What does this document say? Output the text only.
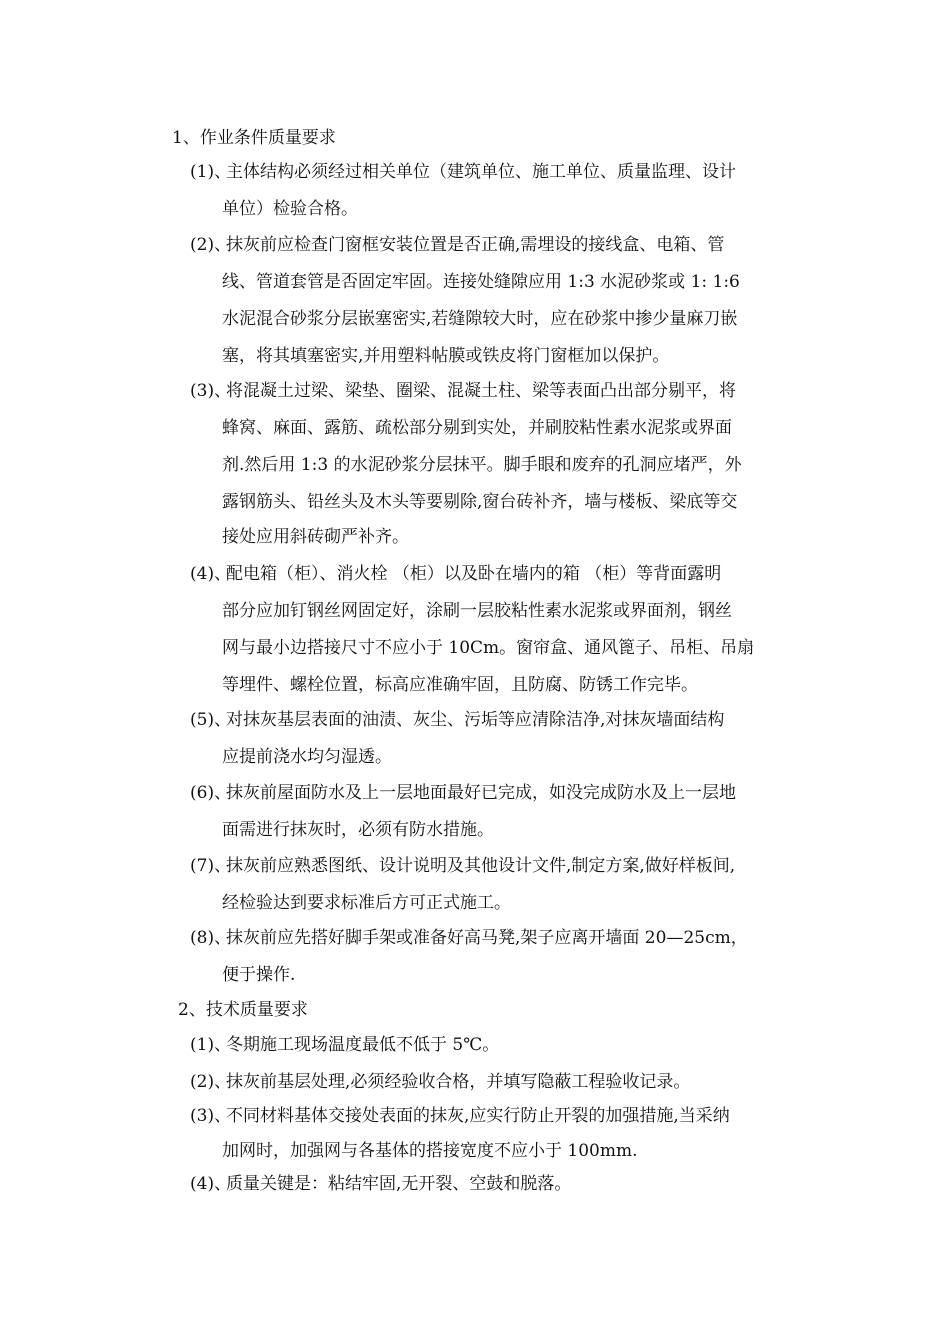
1、作业条件质量要求
(1)、
主体结构必须经过相关单位（建筑单位、施工单位、质量监理、设计
单位）检验合格。
(2)、
抹灰前应检查门窗框安装位置是否正确,需埋设的接线盒、电箱、管
线、管道套管是否固定牢固。连接处缝隙应用 1:3 水泥砂浆或 1: 1:6
水泥混合砂浆分层嵌塞密实,若缝隙较大时，应在砂浆中掺少量麻刀嵌
塞，将其填塞密实,并用塑料帖膜或铁皮将门窗框加以保护。
(3)、
将混凝土过梁、梁垫、圈梁、混凝土柱、梁等表面凸出部分剔平，将
蜂窝、麻面、露筋、疏松部分剔到实处，并刷胶粘性素水泥浆或界面
剂.然后用 1:3 的水泥砂浆分层抹平。脚手眼和废弃的孔洞应堵严，外
露钢筋头、铅丝头及木头等要剔除,窗台砖补齐，墙与楼板、梁底等交
接处应用斜砖砌严补齐。
(4)、
配电箱（柜）、消火栓 （柜）以及卧在墙内的箱 （柜）等背面露明
部分应加钉钢丝网固定好，涂刷一层胶粘性素水泥浆或界面剂，钢丝
网与最小边搭接尺寸不应小于 10Cm。窗帘盒、通风篦子、吊柜、吊扇
等埋件、螺栓位置，标高应准确牢固，且防腐、防锈工作完毕。
(5)、
对抹灰基层表面的油渍、灰尘、污垢等应清除洁净,对抹灰墙面结构
应提前浇水均匀湿透。
(6)、
抹灰前屋面防水及上一层地面最好已完成，如没完成防水及上一层地
面需进行抹灰时，必须有防水措施。
(7)、
抹灰前应熟悉图纸、设计说明及其他设计文件,制定方案,做好样板间,
经检验达到要求标准后方可正式施工。
(8)、
抹灰前应先搭好脚手架或准备好高马凳,架子应离开墙面 20—25cm，
便于操作.
2、技术质量要求
(1)、
冬期施工现场温度最低不低于 5℃。
(2)、
抹灰前基层处理,必须经验收合格，并填写隐蔽工程验收记录。
(3)、
不同材料基体交接处表面的抹灰,应实行防止开裂的加强措施,当采纳
加网时，加强网与各基体的搭接宽度不应小于 100mm.
(4)、
质量关键是：粘结牢固,无开裂、空鼓和脱落。
